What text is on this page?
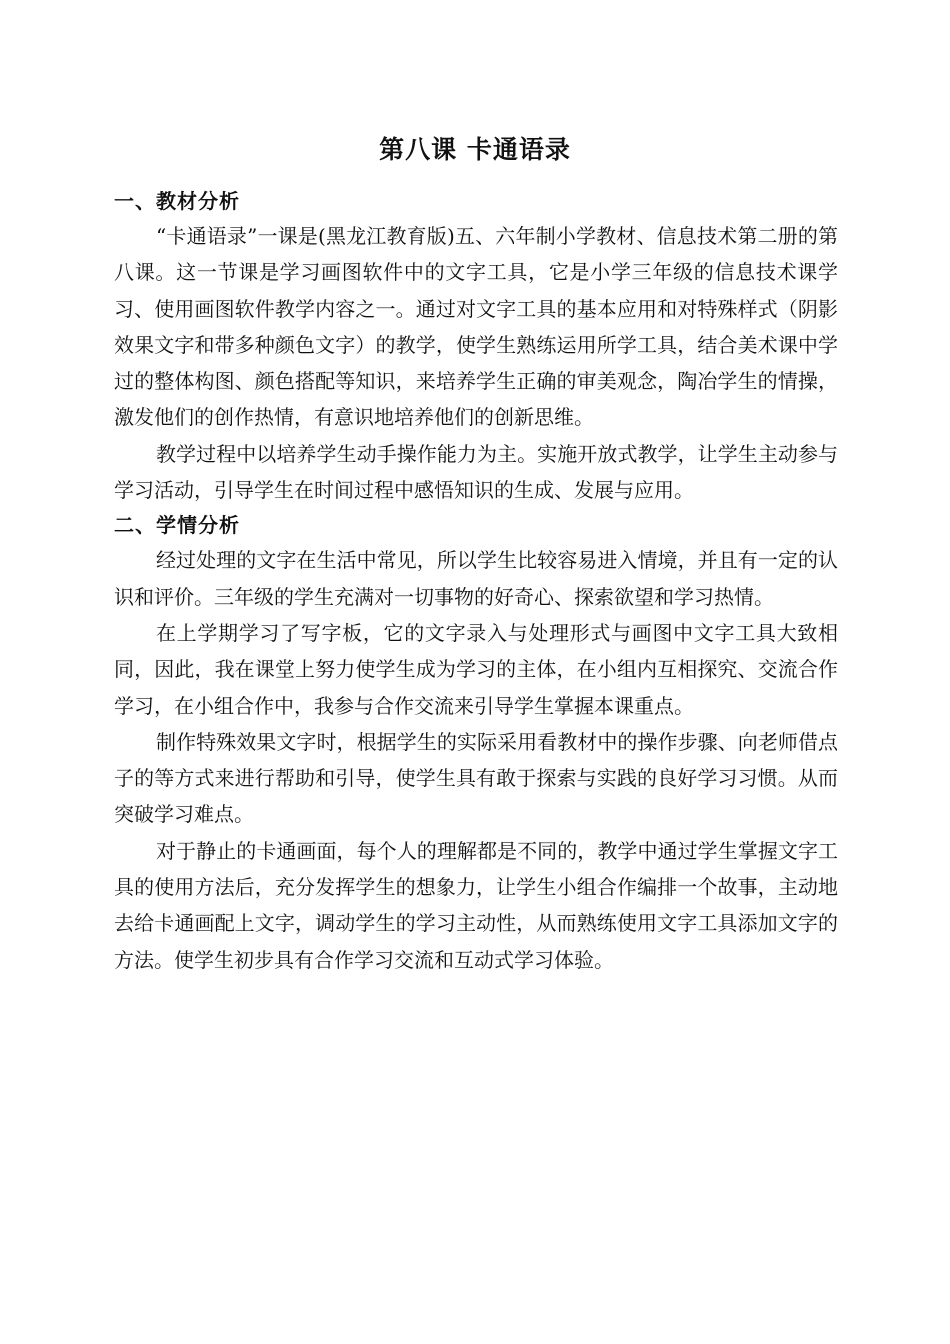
第八课 卡通语录
一、教材分析

“卡通语录”一课是(黑龙江教育版)五、六年制小学教材、信息技术第二册的第八课。这一节课是学习画图软件中的文字工具，它是小学三年级的信息技术课学习、使用画图软件教学内容之一。通过对文字工具的基本应用和对特殊样式（阴影效果文字和带多种颜色文字）的教学，使学生熟练运用所学工具，结合美术课中学过的整体构图、颜色搭配等知识，来培养学生正确的审美观念，陶冶学生的情操，激发他们的创作热情，有意识地培养他们的创新思维。

教学过程中以培养学生动手操作能力为主。实施开放式教学，让学生主动参与学习活动，引导学生在时间过程中感悟知识的生成、发展与应用。

二、学情分析

经过处理的文字在生活中常见，所以学生比较容易进入情境，并且有一定的认识和评价。三年级的学生充满对一切事物的好奇心、探索欲望和学习热情。

在上学期学习了写字板，它的文字录入与处理形式与画图中文字工具大致相同，因此，我在课堂上努力使学生成为学习的主体，在小组内互相探究、交流合作学习，在小组合作中，我参与合作交流来引导学生掌握本课重点。

制作特殊效果文字时，根据学生的实际采用看教材中的操作步骤、向老师借点子的等方式来进行帮助和引导，使学生具有敢于探索与实践的良好学习习惯。从而突破学习难点。

对于静止的卡通画面，每个人的理解都是不同的，教学中通过学生掌握文字工具的使用方法后，充分发挥学生的想象力，让学生小组合作编排一个故事，主动地去给卡通画配上文字，调动学生的学习主动性，从而熟练使用文字工具添加文字的方法。使学生初步具有合作学习交流和互动式学习体验。
